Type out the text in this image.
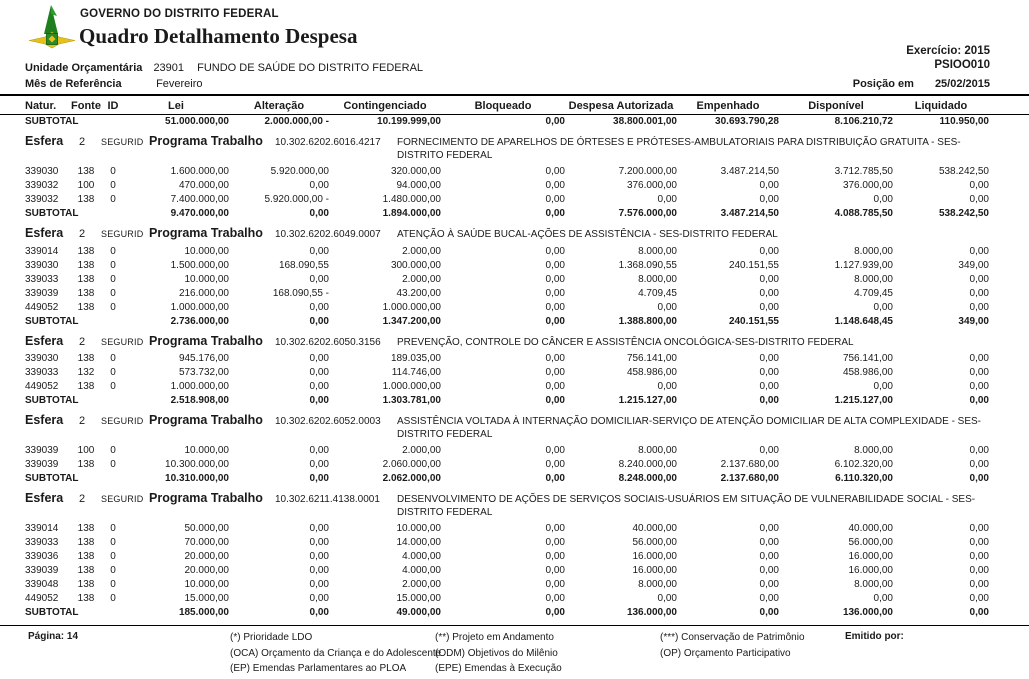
GOVERNO DO DISTRITO FEDERAL
Quadro Detalhamento Despesa
Exercício: 2015
PSIOO010
Unidade Orçamentária 23901 FUNDO DE SAÚDE DO DISTRITO FEDERAL
Mês de Referência	Fevereiro	Posição em 25/02/2015
Natur.	Fonte ID	Lei	Alteração	Contingenciado	Bloqueado	Despesa Autorizada	Empenhado	Disponível	Liquidado
SUBTOTAL	51.000.000,00	2.000.000,00 -	10.199.999,00	0,00	38.800.001,00	30.693.790,28	8.106.210,72	110.950,00
Esfera	2	SEGURID Programa Trabalho	10.302.6202.6016.4217	FORNECIMENTO DE APARELHOS DE ÓRTESES E PRÓTESES-AMBULATORIAIS PARA DISTRIBUIÇÃO GRATUITA - SES-DISTRITO FEDERAL
339030	138	0	1.600.000,00	5.920.000,00	320.000,00	0,00	7.200.000,00	3.487.214,50	3.712.785,50	538.242,50
339032	100	0	470.000,00	0,00	94.000,00	0,00	376.000,00	0,00	376.000,00	0,00
339032	138	0	7.400.000,00	5.920.000,00 -	1.480.000,00	0,00	0,00	0,00	0,00	0,00
SUBTOTAL	9.470.000,00	0,00	1.894.000,00	0,00	7.576.000,00	3.487.214,50	4.088.785,50	538.242,50
Esfera	2	SEGURID Programa Trabalho	10.302.6202.6049.0007	ATENÇÃO À SAÚDE BUCAL-AÇÕES DE ASSISTÊNCIA - SES-DISTRITO FEDERAL
339014	138	0	10.000,00	0,00	2.000,00	0,00	8.000,00	0,00	8.000,00	0,00
339030	138	0	1.500.000,00	168.090,55	300.000,00	0,00	1.368.090,55	240.151,55	1.127.939,00	349,00
339033	138	0	10.000,00	0,00	2.000,00	0,00	8.000,00	0,00	8.000,00	0,00
339039	138	0	216.000,00	168.090,55 -	43.200,00	0,00	4.709,45	0,00	4.709,45	0,00
449052	138	0	1.000.000,00	0,00	1.000.000,00	0,00	0,00	0,00	0,00	0,00
SUBTOTAL	2.736.000,00	0,00	1.347.200,00	0,00	1.388.800,00	240.151,55	1.148.648,45	349,00
Esfera	2	SEGURID Programa Trabalho	10.302.6202.6050.3156	PREVENÇÃO, CONTROLE DO CÂNCER E ASSISTÊNCIA ONCOLÓGICA-SES-DISTRITO FEDERAL
339030	138	0	945.176,00	0,00	189.035,00	0,00	756.141,00	0,00	756.141,00	0,00
339033	132	0	573.732,00	0,00	114.746,00	0,00	458.986,00	0,00	458.986,00	0,00
449052	138	0	1.000.000,00	0,00	1.000.000,00	0,00	0,00	0,00	0,00	0,00
SUBTOTAL	2.518.908,00	0,00	1.303.781,00	0,00	1.215.127,00	0,00	1.215.127,00	0,00
Esfera	2	SEGURID Programa Trabalho	10.302.6202.6052.0003	ASSISTÊNCIA VOLTADA À INTERNAÇÃO DOMICILIAR-SERVIÇO DE ATENÇÃO DOMICILIAR DE ALTA COMPLEXIDADE - SES-DISTRITO FEDERAL
339039	100	0	10.000,00	0,00	2.000,00	0,00	8.000,00	0,00	8.000,00	0,00
339039	138	0	10.300.000,00	0,00	2.060.000,00	0,00	8.240.000,00	2.137.680,00	6.102.320,00	0,00
SUBTOTAL	10.310.000,00	0,00	2.062.000,00	0,00	8.248.000,00	2.137.680,00	6.110.320,00	0,00
Esfera	2	SEGURID Programa Trabalho	10.302.6211.4138.0001	DESENVOLVIMENTO DE AÇÕES DE SERVIÇOS SOCIAIS-USUÁRIOS EM SITUAÇÃO DE VULNERABILIDADE SOCIAL - SES-DISTRITO FEDERAL
339014	138	0	50.000,00	0,00	10.000,00	0,00	40.000,00	0,00	40.000,00	0,00
339033	138	0	70.000,00	0,00	14.000,00	0,00	56.000,00	0,00	56.000,00	0,00
339036	138	0	20.000,00	0,00	4.000,00	0,00	16.000,00	0,00	16.000,00	0,00
339039	138	0	20.000,00	0,00	4.000,00	0,00	16.000,00	0,00	16.000,00	0,00
339048	138	0	10.000,00	0,00	2.000,00	0,00	8.000,00	0,00	8.000,00	0,00
449052	138	0	15.000,00	0,00	15.000,00	0,00	0,00	0,00	0,00	0,00
SUBTOTAL	185.000,00	0,00	49.000,00	0,00	136.000,00	0,00	136.000,00	0,00
Página: 14	(*) Prioridade LDO
(OCA) Orçamento da Criança e do Adolescente
(EP) Emendas Parlamentares ao PLOA
(**) Projeto em Andamento
(ODM) Objetivos do Milênio
(EPE) Emendas à Execução
(***) Conservação de Patrimônio
(OP) Orçamento Participativo
Emitido por:
